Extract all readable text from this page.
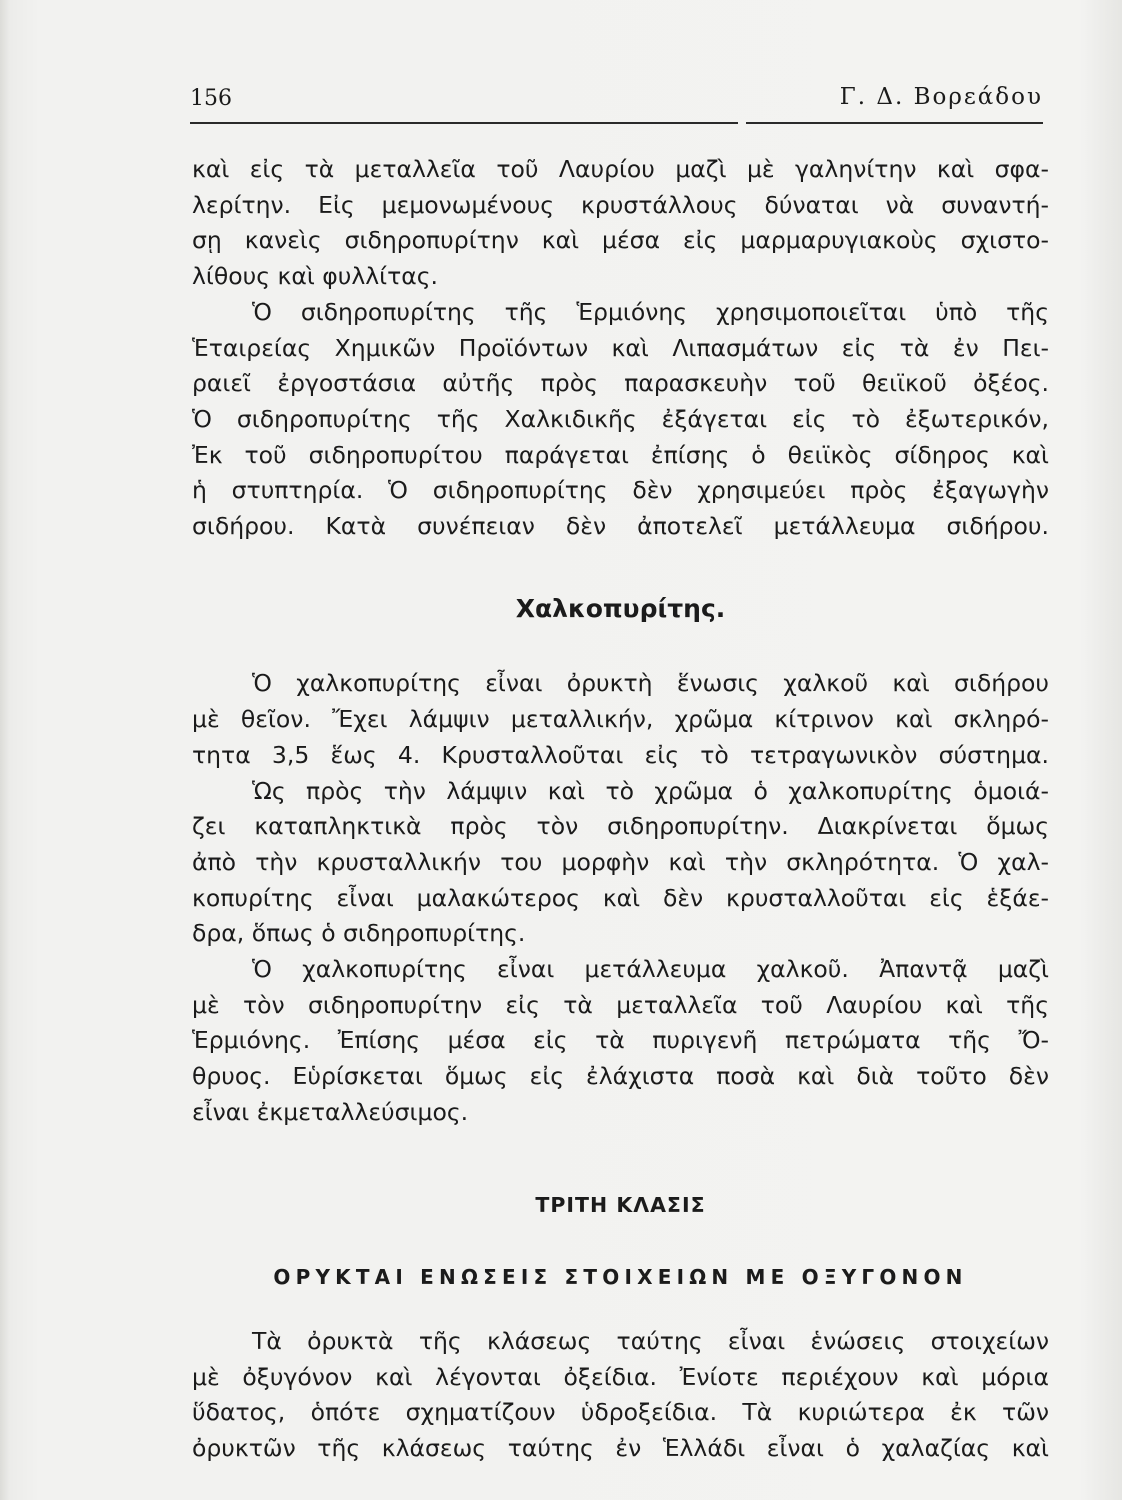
156	Γ. Δ. Βορεάδου

καὶ εἰς τὰ μεταλλεῖα τοῦ Λαυρίου μαζὶ μὲ γαληνίτην καὶ σφα-

λερίτην. Εἰς μεμονωμένους κρυστάλλους δύναται νὰ συναντή-

σῃ κανεὶς σιδηροπυρίτην καὶ μέσα εἰς μαρμαρυγιακοὺς σχιστο-

λίθους καὶ φυλλίτας.

Ὁ σιδηροπυρίτης τῆς Ἑρμιόνης χρησιμοποιεῖται ὑπὸ τῆς

Ἑταιρείας Χημικῶν Προϊόντων καὶ Λιπασμάτων εἰς τὰ ἐν Πει-

ραιεῖ ἐργοστάσια αὐτῆς πρὸς παρασκευὴν τοῦ θειϊκοῦ ὀξέος.

Ὁ σιδηροπυρίτης τῆς Χαλκιδικῆς ἐξάγεται εἰς τὸ ἐξωτερικόν,

Ἐκ τοῦ σιδηροπυρίτου παράγεται ἐπίσης ὁ θειϊκὸς σίδηρος καὶ

ἡ στυπτηρία. Ὁ σιδηροπυρίτης δὲν χρησιμεύει πρὸς ἐξαγωγὴν

σιδήρου. Κατὰ συνέπειαν δὲν ἀποτελεῖ μετάλλευμα σιδήρου.

Χαλκοπυρίτης.

Ὁ χαλκοπυρίτης εἶναι ὀρυκτὴ ἕνωσις χαλκοῦ καὶ σιδήρου

μὲ θεῖον. Ἔχει λάμψιν μεταλλικήν, χρῶμα κίτρινον καὶ σκληρό-

τητα 3,5 ἕως 4. Κρυσταλλοῦται εἰς τὸ τετραγωνικὸν σύστημα.

Ὡς πρὸς τὴν λάμψιν καὶ τὸ χρῶμα ὁ χαλκοπυρίτης ὁμοιά-

ζει καταπληκτικὰ πρὸς τὸν σιδηροπυρίτην. Διακρίνεται ὅμως

ἀπὸ τὴν κρυσταλλικήν του μορφὴν καὶ τὴν σκληρότητα. Ὁ χαλ-

κοπυρίτης εἶναι μαλακώτερος καὶ δὲν κρυσταλλοῦται εἰς ἑξάε-

δρα, ὅπως ὁ σιδηροπυρίτης.

Ὁ χαλκοπυρίτης εἶναι μετάλλευμα χαλκοῦ. Ἀπαντᾷ μαζὶ

μὲ τὸν σιδηροπυρίτην εἰς τὰ μεταλλεῖα τοῦ Λαυρίου καὶ τῆς

Ἑρμιόνης. Ἐπίσης μέσα εἰς τὰ πυριγενῆ πετρώματα τῆς Ὄ-

θρυος. Εὑρίσκεται ὅμως εἰς ἐλάχιστα ποσὰ καὶ διὰ τοῦτο δὲν

εἶναι ἐκμεταλλεύσιμος.

ΤΡΙΤΗ ΚΛΑΣΙΣ
ΟΡΥΚΤΑΙ ΕΝΩΣΕΙΣ ΣΤΟΙΧΕΙΩΝ ΜΕ ΟΞΥΓΟΝΟΝ

Τὰ ὀρυκτὰ τῆς κλάσεως ταύτης εἶναι ἑνώσεις στοιχείων

μὲ ὀξυγόνον καὶ λέγονται ὀξείδια. Ἐνίοτε περιέχουν καὶ μόρια

ὕδατος, ὁπότε σχηματίζουν ὑδροξείδια. Τὰ κυριώτερα ἐκ τῶν

ὀρυκτῶν τῆς κλάσεως ταύτης ἐν Ἑλλάδι εἶναι ὁ χαλαζίας καὶ
